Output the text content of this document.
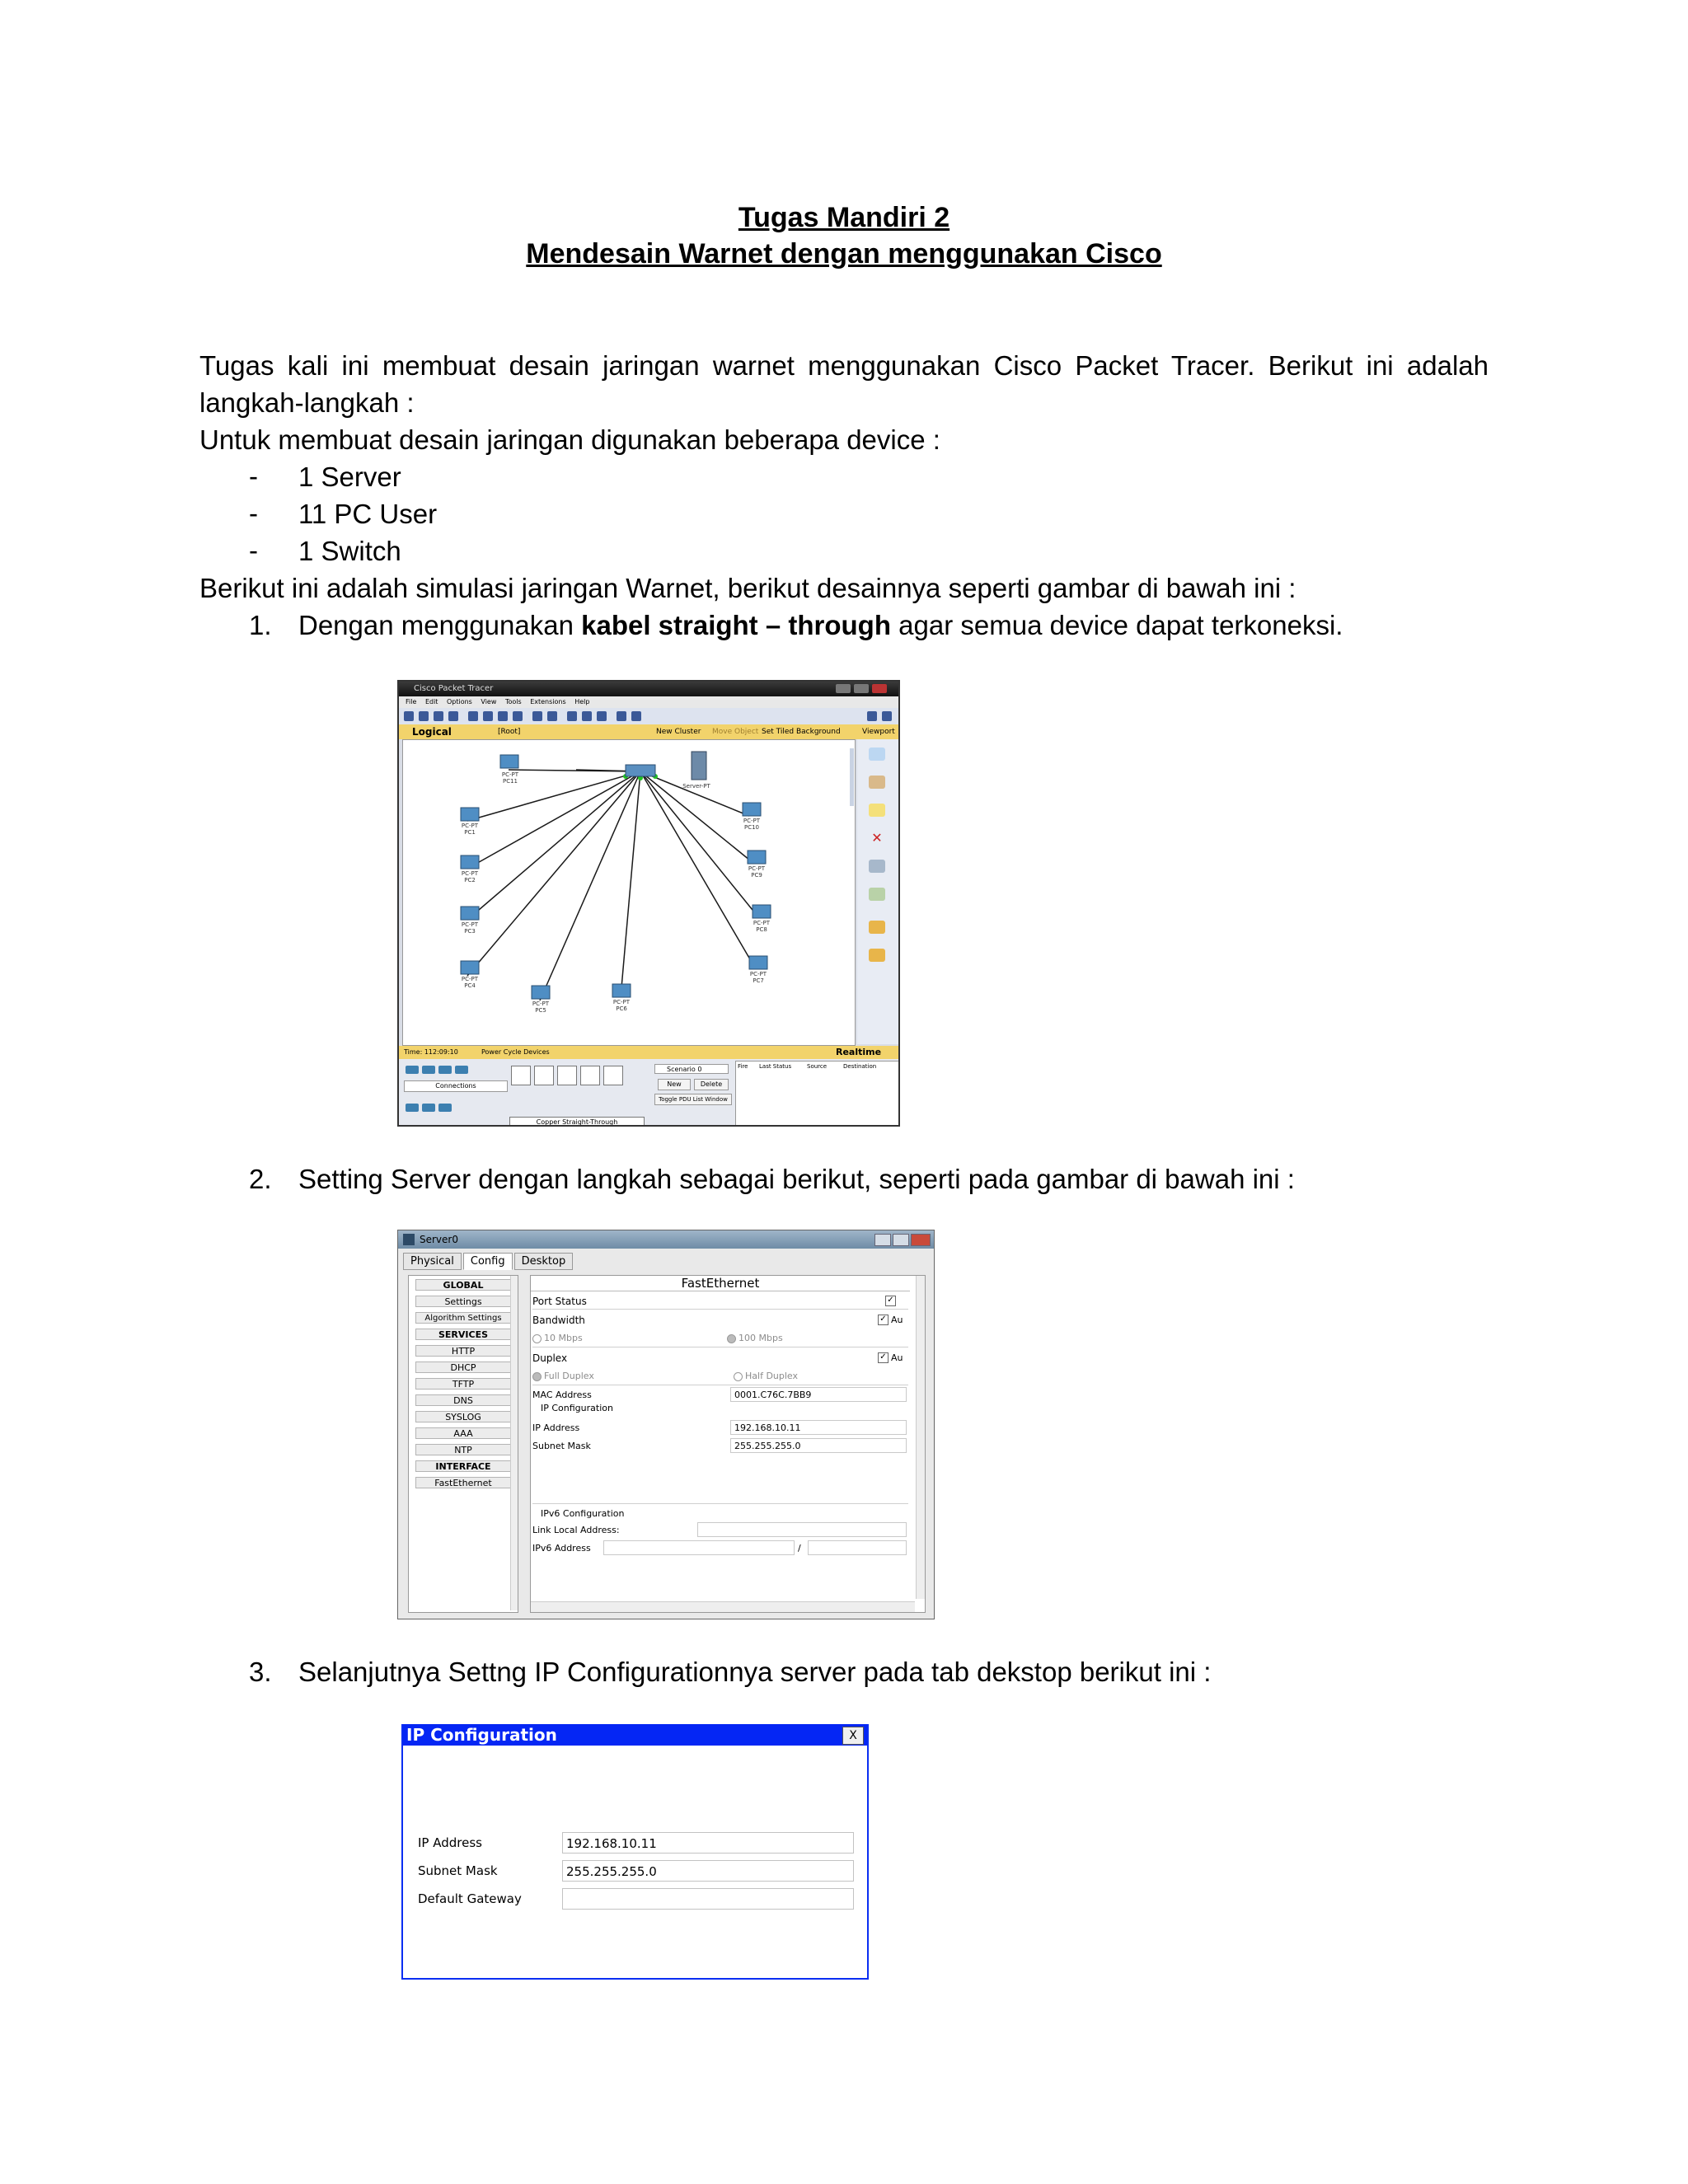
Tugas Mandiri 2
Mendesain Warnet dengan menggunakan Cisco
Tugas kali ini membuat desain jaringan warnet menggunakan Cisco Packet Tracer. Berikut ini adalah langkah-langkah :
Untuk membuat desain jaringan digunakan beberapa device :
- 1 Server
- 11 PC User
- 1 Switch
Berikut ini adalah simulasi jaringan Warnet, berikut desainnya seperti gambar di bawah ini :
1. Dengan menggunakan kabel straight – through agar semua device dapat terkoneksi.
Cisco Packet Tracer
File Edit Options View Tools Extensions Help
Logical	[Root]	New Cluster Move Object Set Tiled Background	Viewport
Server-PT
PC-PT
PC11
PC-PT
PC1
PC-PT
PC2
PC-PT
PC3
PC-PT
PC4
PC-PT
PC5
PC-PT
PC6
PC-PT
PC7
PC-PT
PC8
PC-PT
PC9
PC-PT
PC10
✕
Time: 112:09:10	Power Cycle Devices	Realtime
Connections
Copper Straight-Through
Scenario 0
New	Delete
Toggle PDU List Window
Fire Last Status	Source	Destination
2. Setting Server dengan langkah sebagai berikut, seperti pada gambar di bawah ini :
Server0
Physical Config Desktop
GLOBAL
Settings
Algorithm Settings
SERVICES
HTTP
DHCP
TFTP
DNS
SYSLOG
AAA
NTP
INTERFACE
FastEthernet
FastEthernet
Port Status	✓
Bandwidth	✓ Au
10 Mbps	100 Mbps
Duplex	✓ Au
Full Duplex	Half Duplex
MAC Address	0001.C76C.7BB9
IP Configuration
IP Address	192.168.10.11
Subnet Mask	255.255.255.0
IPv6 Configuration
Link Local Address:
IPv6 Address	/
3. Selanjutnya Settng IP Configurationnya server pada tab dekstop berikut ini :
IP Configuration	X
IP Address	192.168.10.11
Subnet Mask	255.255.255.0
Default Gateway
